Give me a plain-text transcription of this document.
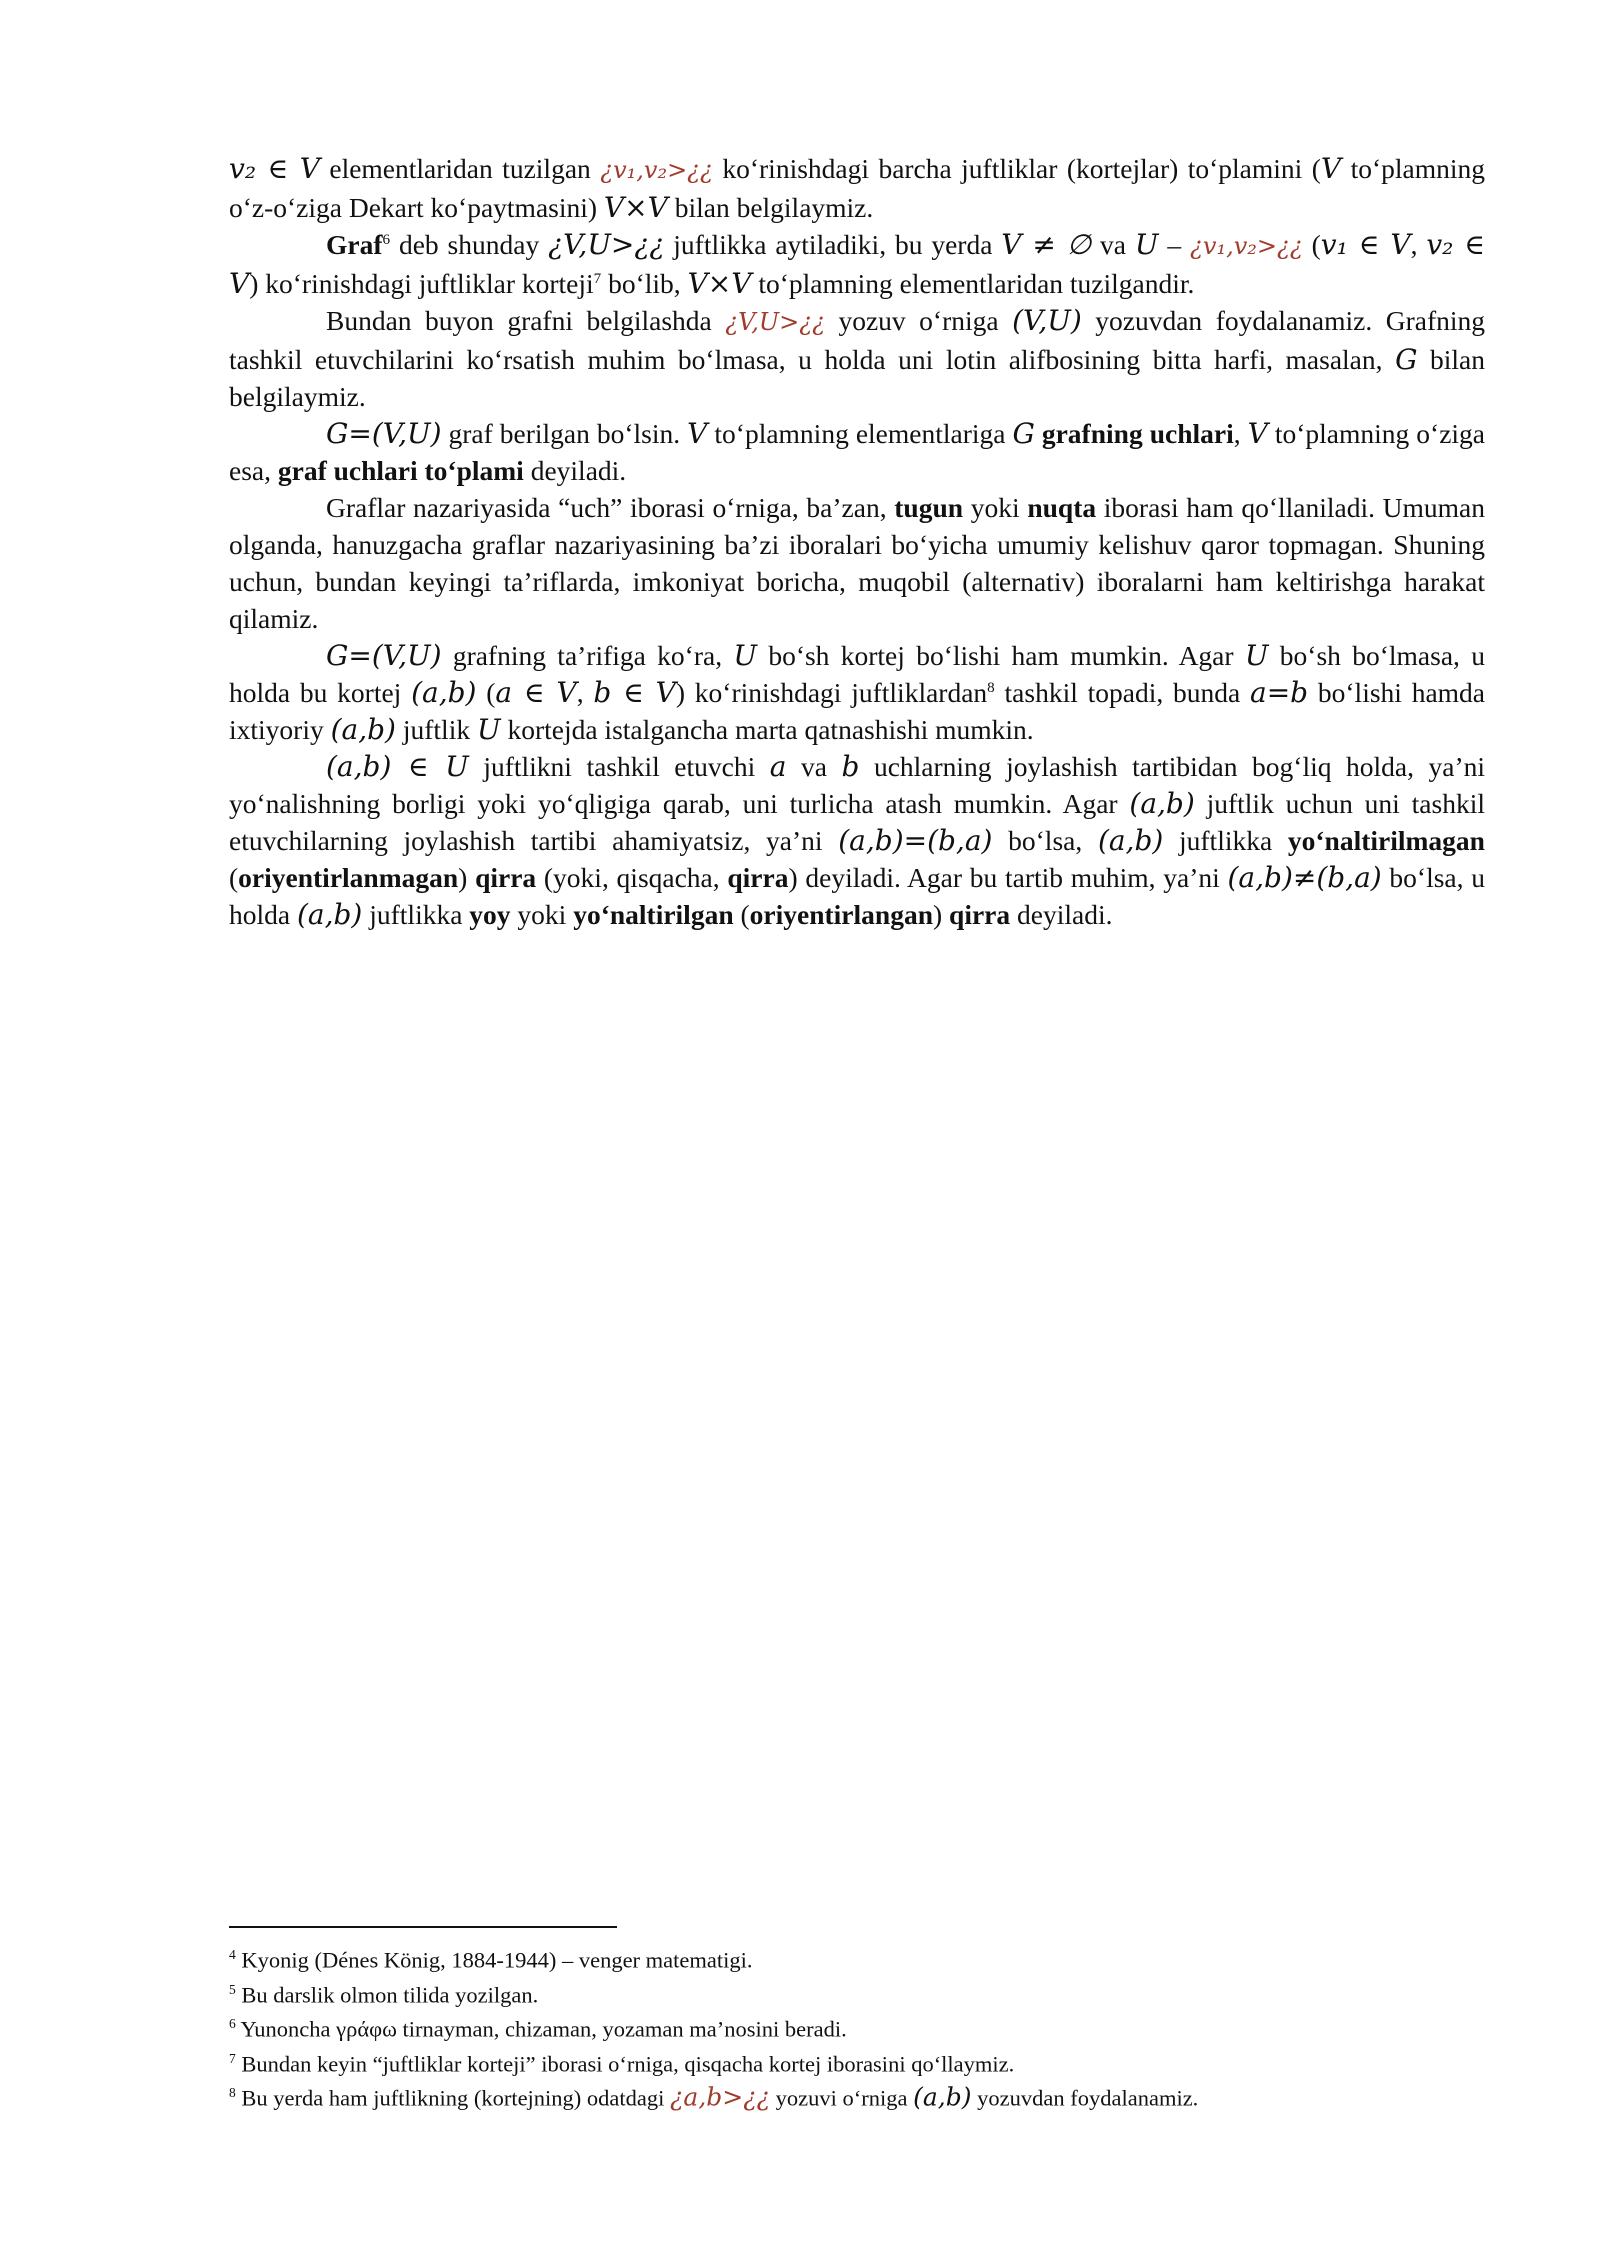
v₂ ∈ V elementlaridan tuzilgan ¿v₁,v₂>¿¿ ko‘rinishdagi barcha juftliklar (kortejlar) to‘plamini (V to‘plamning o‘z-o‘ziga Dekart ko‘paytmasini) V×V bilan belgilaymiz.

Graf$^6$ deb shunday ¿V,U>¿¿ juftlikka aytiladiki, bu yerda V ≠ ∅ va U – ¿v₁,v₂>¿¿ (v₁ ∈ V, v₂ ∈ V) ko‘rinishdagi juftliklar korteji$^7$ bo‘lib, V×V to‘plamning elementlaridan tuzilgandir.

Bundan buyon grafni belgilashda ¿V,U>¿¿ yozuv o‘rniga (V,U) yozuvdan foydalanamiz. Grafning tashkil etuvchilarini ko‘rsatish muhim bo‘lmasa, u holda uni lotin alifbosining bitta harfi, masalan, G bilan belgilaymiz.

G=(V,U) graf berilgan bo‘lsin. V to‘plamning elementlariga G grafning uchlari, V to‘plamning o‘ziga esa, graf uchlari to‘plami deyiladi.

Graflar nazariyasida “uch” iborasi o‘rniga, ba’zan, tugun yoki nuqta iborasi ham qo‘llaniladi. Umuman olganda, hanuzgacha graflar nazariyasining ba’zi iboralari bo‘yicha umumiy kelishuv qaror topmagan. Shuning uchun, bundan keyingi ta’riflarda, imkoniyat boricha, muqobil (alternativ) iboralarni ham keltirishga harakat qilamiz.

G=(V,U) grafning ta’rifiga ko‘ra, U bo‘sh kortej bo‘lishi ham mumkin. Agar U bo‘sh bo‘lmasa, u holda bu kortej (a,b) (a ∈ V, b ∈ V) ko‘rinishdagi juftliklardan$^8$ tashkil topadi, bunda a=b bo‘lishi hamda ixtiyoriy (a,b) juftlik U kortejda istalgancha marta qatnashishi mumkin.

(a,b) ∈ U juftlikni tashkil etuvchi a va b uchlarning joylashish tartibidan bog‘liq holda, ya’ni yo‘nalishning borligi yoki yo‘qligiga qarab, uni turlicha atash mumkin. Agar (a,b) juftlik uchun uni tashkil etuvchilarning joylashish tartibi ahamiyatsiz, ya’ni (a,b)=(b,a) bo‘lsa, (a,b) juftlikka yo‘naltirilmagan (oriyentirlanmagan) qirra (yoki, qisqacha, qirra) deyiladi. Agar bu tartib muhim, ya’ni (a,b)≠(b,a) bo‘lsa, u holda (a,b) juftlikka yoy yoki yo‘naltirilgan (oriyentirlangan) qirra deyiladi.

$^4$ Kyonig (Dénes König, 1884-1944) – venger matematigi.

$^5$ Bu darslik olmon tilida yozilgan.

$^6$ Yunoncha γράφω tirnayman, chizaman, yozaman ma’nosini beradi.

$^7$ Bundan keyin “juftliklar korteji” iborasi o‘rniga, qisqacha kortej iborasini qo‘llaymiz.

$^8$ Bu yerda ham juftlikning (kortejning) odatdagi ¿a,b>¿¿ yozuvi o‘rniga (a,b) yozuvdan foydalanamiz.
